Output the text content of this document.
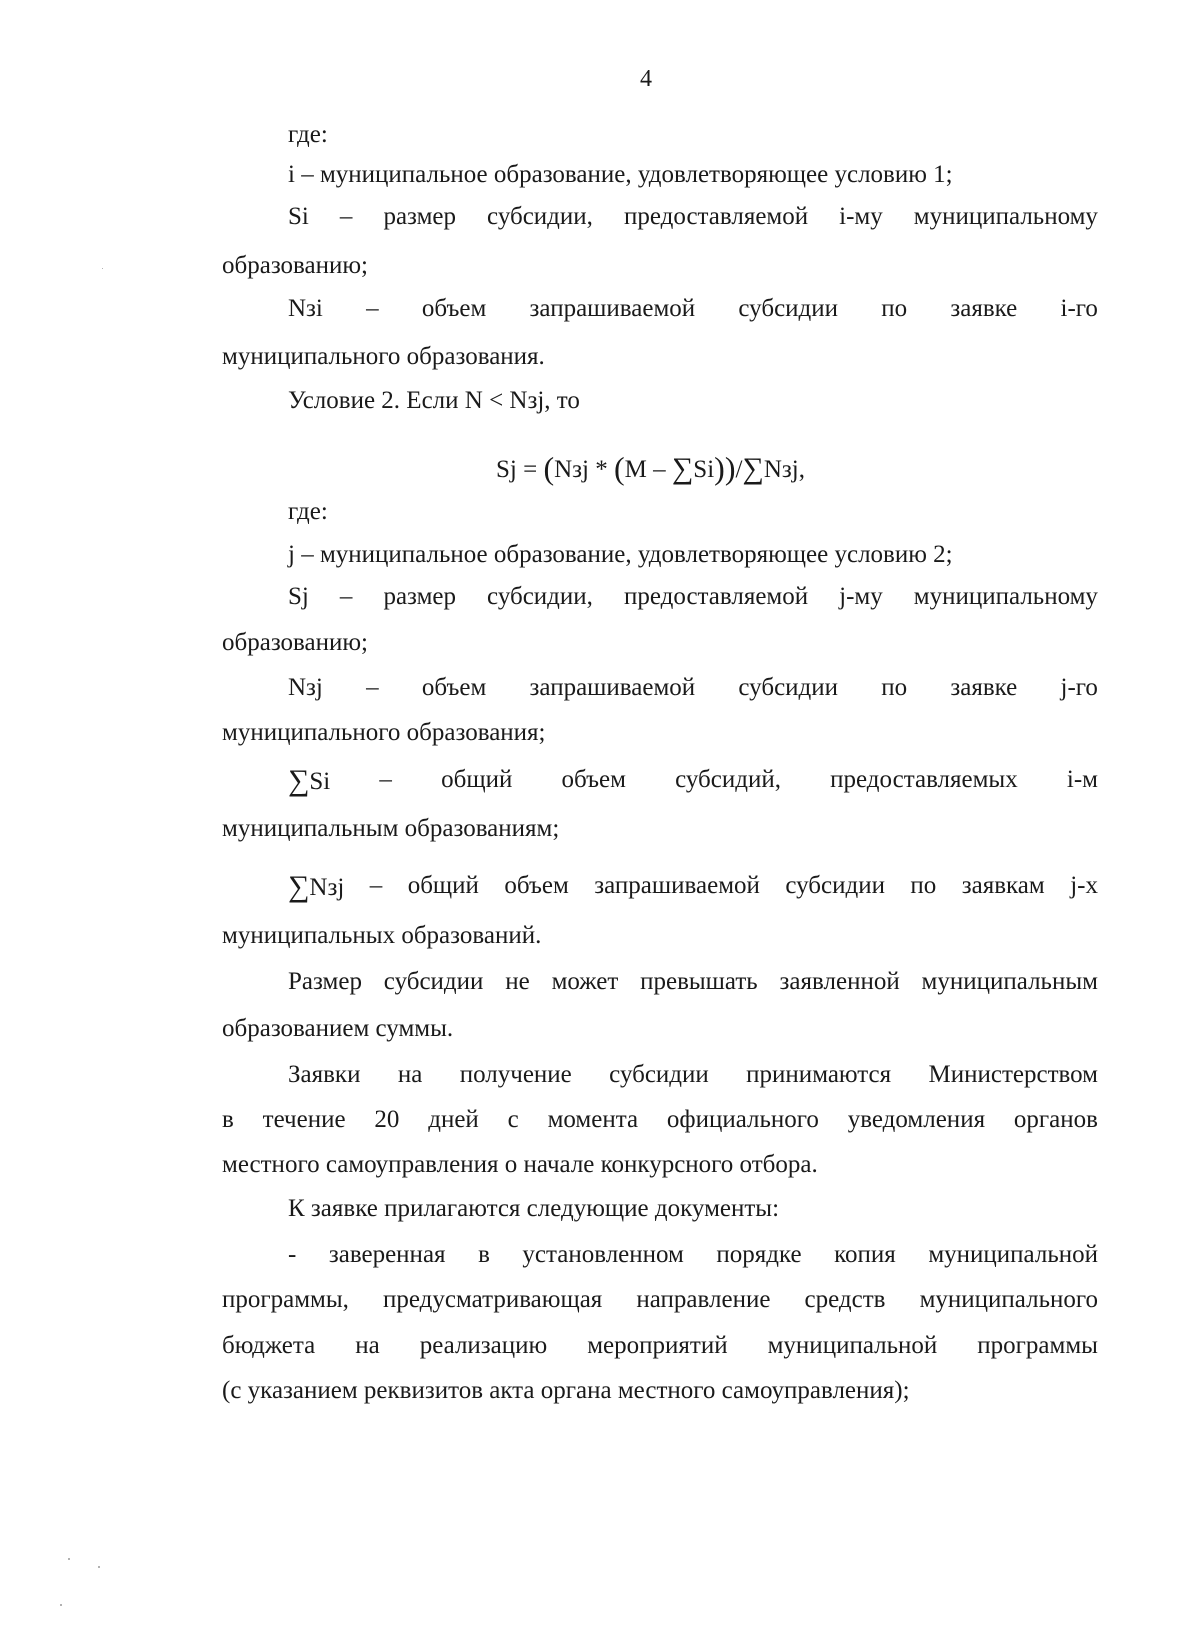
4
где:
i – муниципальное образование, удовлетворяющее условию 1;
Si – размер субсидии, предоставляемой i-му муниципальному
образованию;
Nзi – объем запрашиваемой субсидии по заявке i-го
муниципального образования.
Условие 2. Если N < Nзj, то
Sj = (Nзj * (M – ∑Si))/∑Nзj,
где:
j – муниципальное образование, удовлетворяющее условию 2;
Sj – размер субсидии, предоставляемой j-му муниципальному
образованию;
Nзj – объем запрашиваемой субсидии по заявке j-го
муниципального образования;
∑Si – общий объем субсидий, предоставляемых i-м
муниципальным образованиям;
∑Nзj – общий объем запрашиваемой субсидии по заявкам j-х
муниципальных образований.
Размер субсидии не может превышать заявленной муниципальным
образованием суммы.
Заявки на получение субсидии принимаются Министерством
в течение 20 дней с момента официального уведомления органов
местного самоуправления о начале конкурсного отбора.
К заявке прилагаются следующие документы:
- заверенная в установленном порядке копия муниципальной
программы, предусматривающая направление средств муниципального
бюджета на реализацию мероприятий муниципальной программы
(с указанием реквизитов акта органа местного самоуправления);
